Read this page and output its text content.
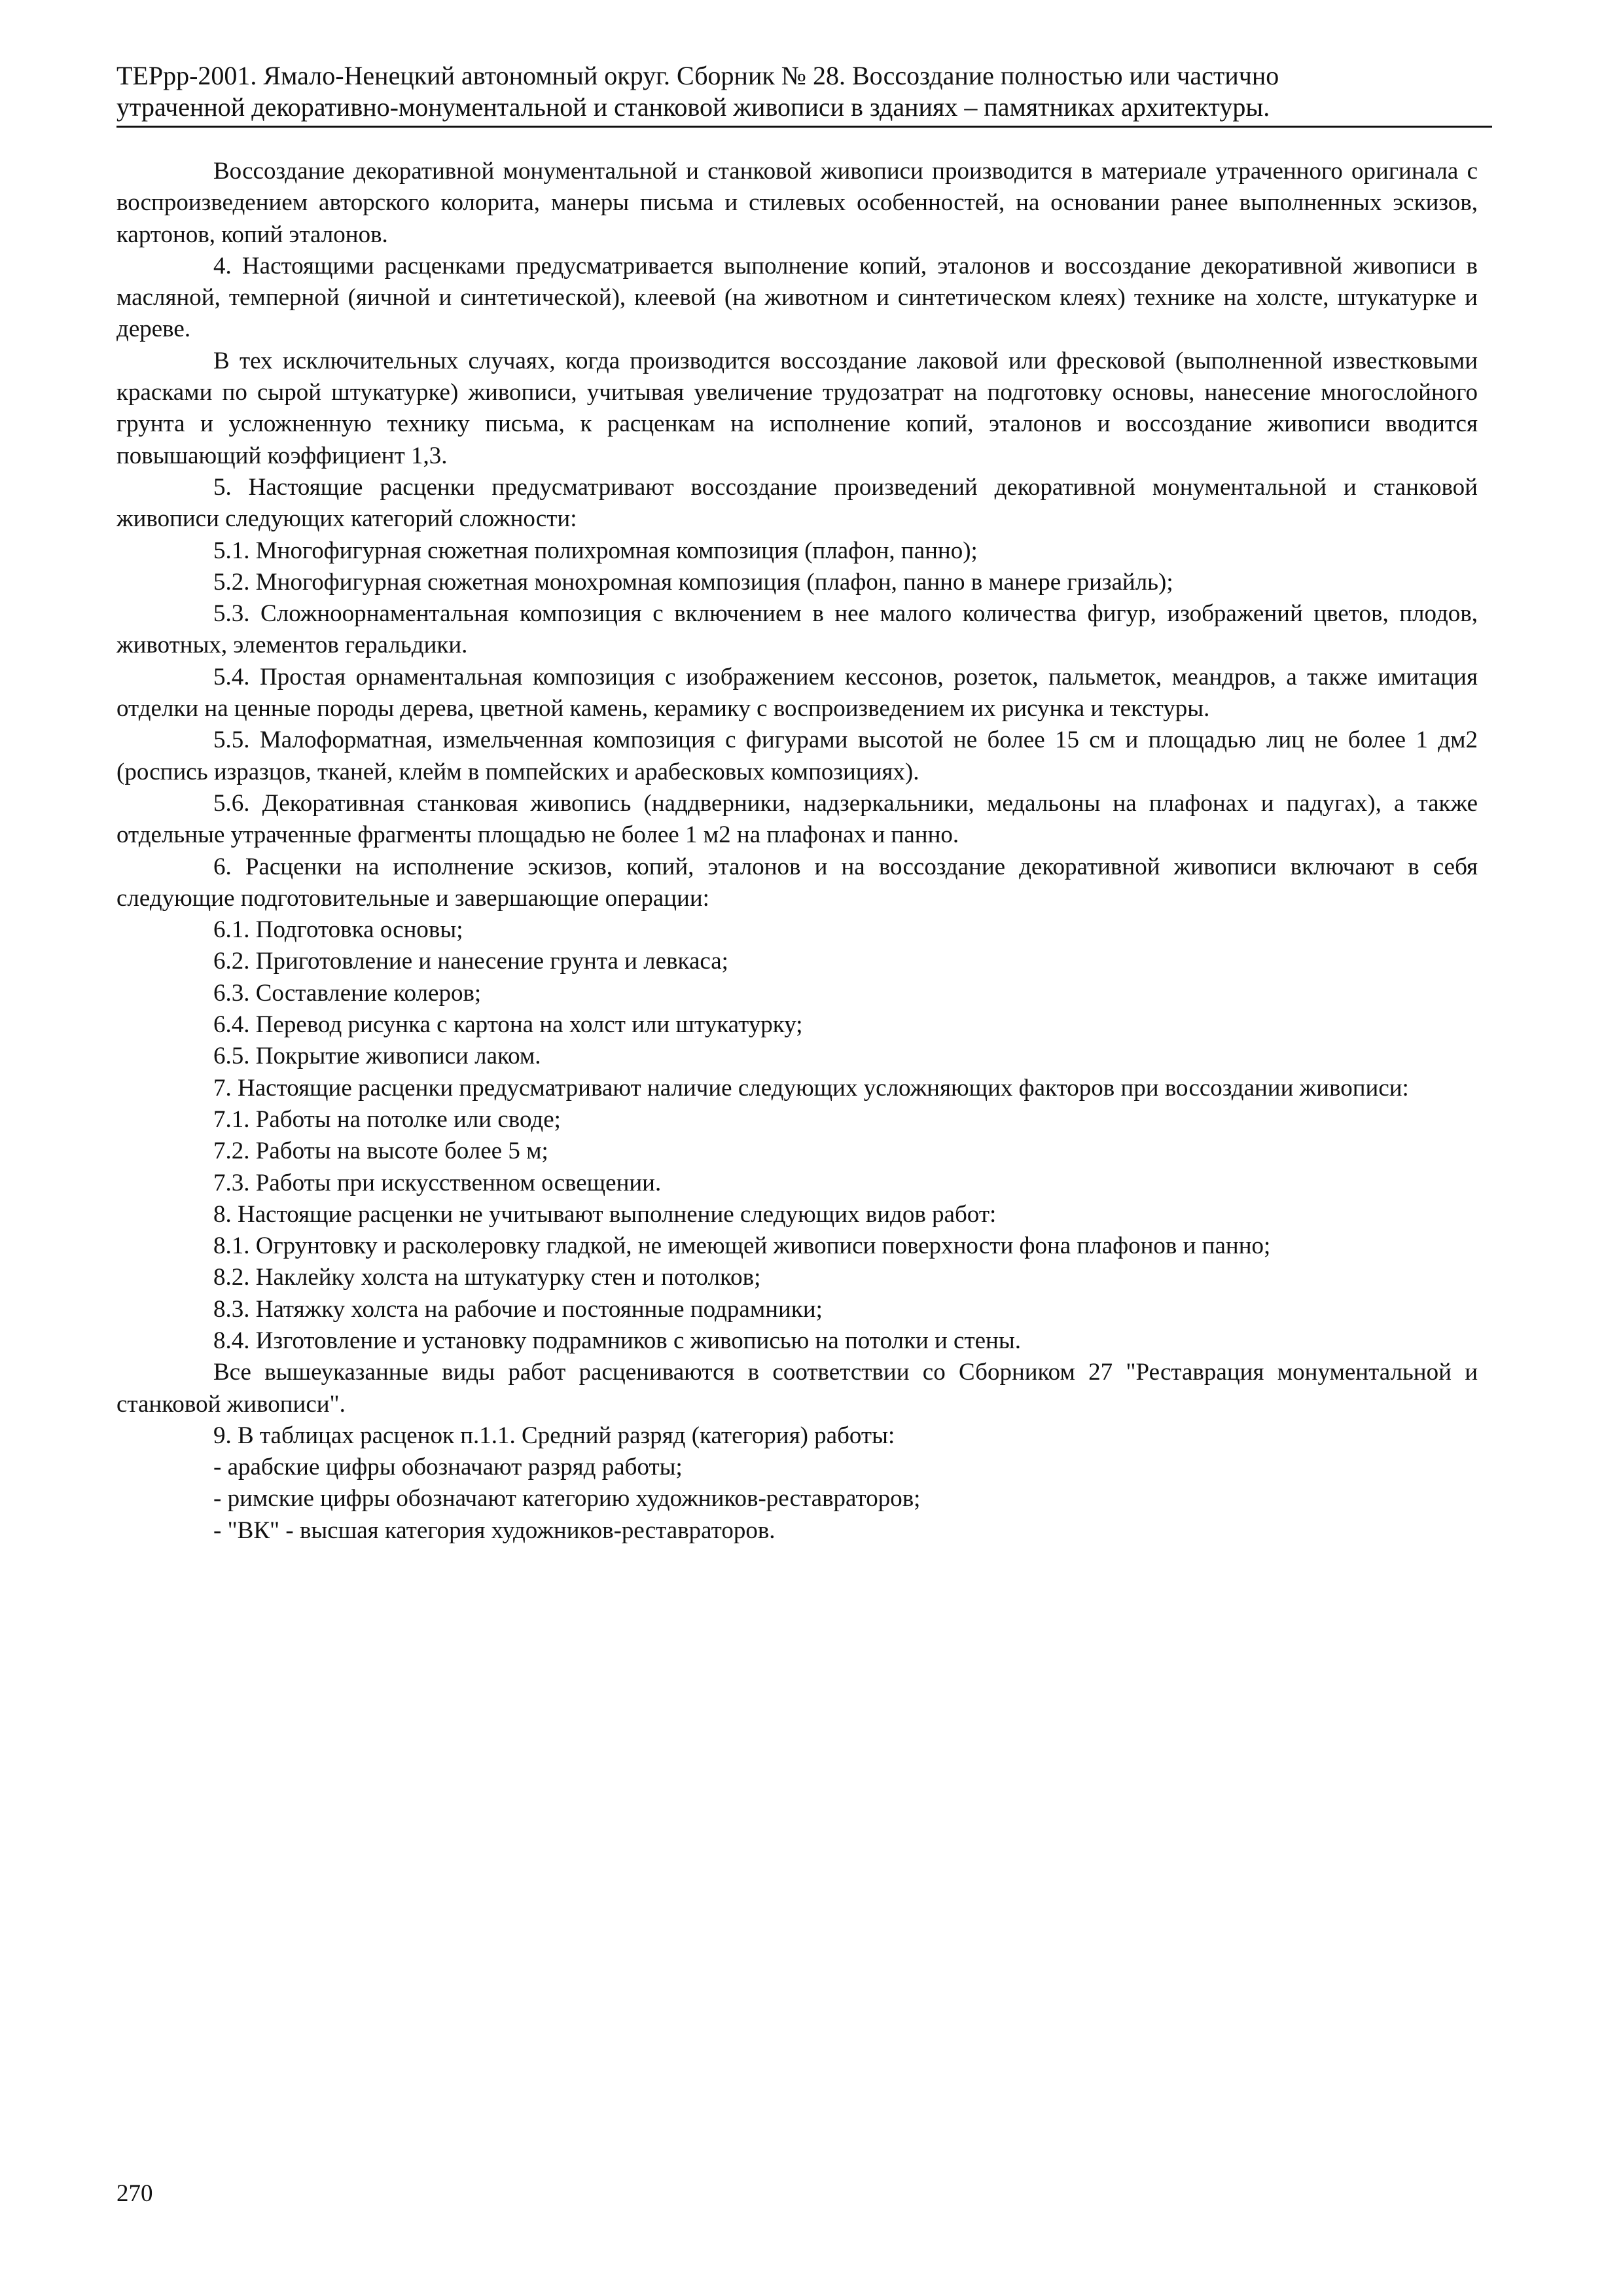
ТЕРрр-2001. Ямало-Ненецкий автономный округ. Сборник № 28. Воссоздание полностью или частично
утраченной декоративно-монументальной и станковой живописи в зданиях – памятниках архитектуры.

Воссоздание декоративной монументальной и станковой живописи производится в материале утраченного оригинала с воспроизведением авторского колорита, манеры письма и стилевых особенностей, на основании ранее выполненных эскизов, картонов, копий эталонов.

4. Настоящими расценками предусматривается выполнение копий, эталонов и воссоздание декоративной живописи в масляной, темперной (яичной и синтетической), клеевой (на животном и синтетическом клеях) технике на холсте, штукатурке и дереве.

В тех исключительных случаях, когда производится воссоздание лаковой или фресковой (выполненной известковыми красками по сырой штукатурке) живописи, учитывая увеличение трудозатрат на подготовку основы, нанесение многослойного грунта и усложненную технику письма, к расценкам на исполнение копий, эталонов и воссоздание живописи вводится повышающий коэффициент 1,3.

5. Настоящие расценки предусматривают воссоздание произведений декоративной монументальной и станковой живописи следующих категорий сложности:

5.1. Многофигурная сюжетная полихромная композиция (плафон, панно);

5.2. Многофигурная сюжетная монохромная композиция (плафон, панно в манере гризайль);

5.3. Сложноорнаментальная композиция с включением в нее малого количества фигур, изображений цветов, плодов, животных, элементов геральдики.

5.4. Простая орнаментальная композиция с изображением кессонов, розеток, пальметок, меандров, а также имитация отделки на ценные породы дерева, цветной камень, керамику с воспроизведением их рисунка и текстуры.

5.5. Малоформатная, измельченная композиция с фигурами высотой не более 15 см и площадью лиц не более 1 дм2 (роспись изразцов, тканей, клейм в помпейских и арабесковых композициях).

5.6. Декоративная станковая живопись (наддверники, надзеркальники, медальоны на плафонах и падугах), а также отдельные утраченные фрагменты площадью не более 1 м2 на плафонах и панно.

6. Расценки на исполнение эскизов, копий, эталонов и на воссоздание декоративной живописи включают в себя следующие подготовительные и завершающие операции:

6.1. Подготовка основы;

6.2. Приготовление и нанесение грунта и левкаса;

6.3. Составление колеров;

6.4. Перевод рисунка с картона на холст или штукатурку;

6.5. Покрытие живописи лаком.

7. Настоящие расценки предусматривают наличие следующих усложняющих факторов при воссоздании живописи:

7.1. Работы на потолке или своде;

7.2. Работы на высоте более 5 м;

7.3. Работы при искусственном освещении.

8. Настоящие расценки не учитывают выполнение следующих видов работ:

8.1. Огрунтовку и расколеровку гладкой, не имеющей живописи поверхности фона плафонов и панно;

8.2. Наклейку холста на штукатурку стен и потолков;

8.3. Натяжку холста на рабочие и постоянные подрамники;

8.4. Изготовление и установку подрамников с живописью на потолки и стены.

Все вышеуказанные виды работ расцениваются в соответствии со Сборником 27 "Реставрация монументальной и станковой живописи".

9. В таблицах расценок п.1.1. Средний разряд (категория) работы:

- арабские цифры обозначают разряд работы;

- римские цифры обозначают категорию художников-реставраторов;

- "ВК" - высшая категория художников-реставраторов.

270
